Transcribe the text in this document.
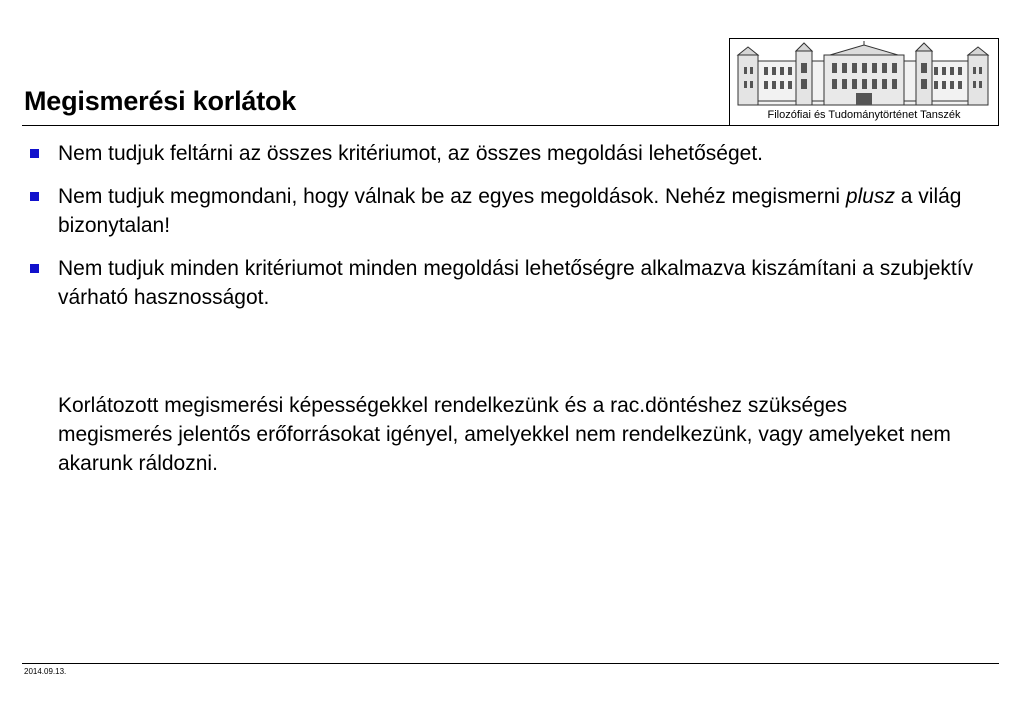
Megismerési korlátok	Filozófiai és Tudománytörténet Tanszék
Nem tudjuk feltárni az összes kritériumot, az összes megoldási lehetőséget.
Nem tudjuk megmondani, hogy válnak be az egyes megoldások. Nehéz megismerni plusz a világ bizonytalan!
Nem tudjuk minden kritériumot minden megoldási lehetőségre alkalmazva kiszámítani a szubjektív várható hasznosságot.

Korlátozott megismerési képességekkel rendelkezünk és a rac.döntéshez szükséges megismerés jelentős erőforrásokat igényel, amelyekkel nem rendelkezünk, vagy amelyeket nem akarunk ráldozni.

2014.09.13.
